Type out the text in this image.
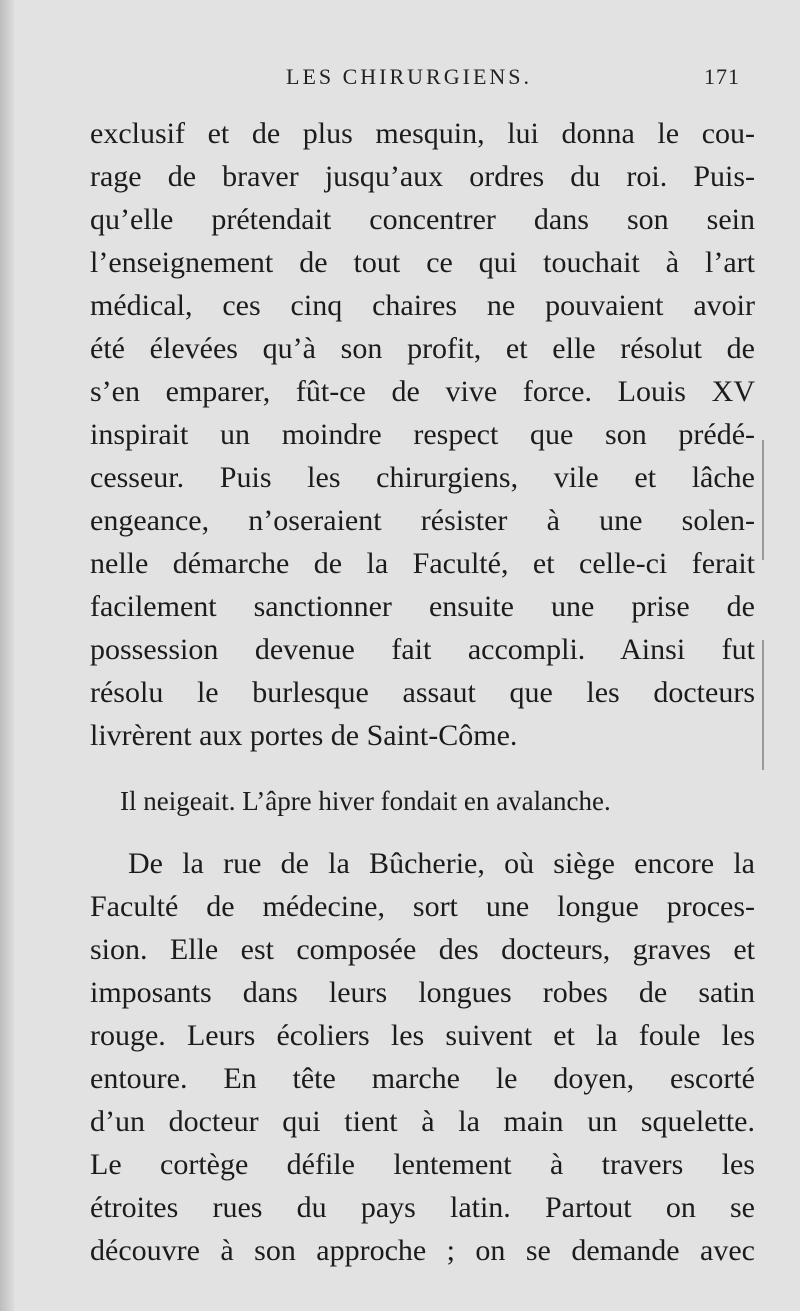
LES CHIRURGIENS.	171
exclusif et de plus mesquin, lui donna le cou-
rage de braver jusqu’aux ordres du roi. Puis-
qu’elle prétendait concentrer dans son sein
l’enseignement de tout ce qui touchait à l’art
médical, ces cinq chaires ne pouvaient avoir
été élevées qu’à son profit, et elle résolut de
s’en emparer, fût-ce de vive force. Louis XV
inspirait un moindre respect que son prédé-
cesseur. Puis les chirurgiens, vile et lâche
engeance, n’oseraient résister à une solen-
nelle démarche de la Faculté, et celle-ci ferait
facilement sanctionner ensuite une prise de
possession devenue fait accompli. Ainsi fut
résolu le burlesque assaut que les docteurs
livrèrent aux portes de Saint-Côme.
Il neigeait. L’âpre hiver fondait en avalanche.
De la rue de la Bûcherie, où siège encore la
Faculté de médecine, sort une longue proces-
sion. Elle est composée des docteurs, graves et
imposants dans leurs longues robes de satin
rouge. Leurs écoliers les suivent et la foule les
entoure. En tête marche le doyen, escorté
d’un docteur qui tient à la main un squelette.
Le cortège défile lentement à travers les
étroites rues du pays latin. Partout on se
découvre à son approche ; on se demande avec
